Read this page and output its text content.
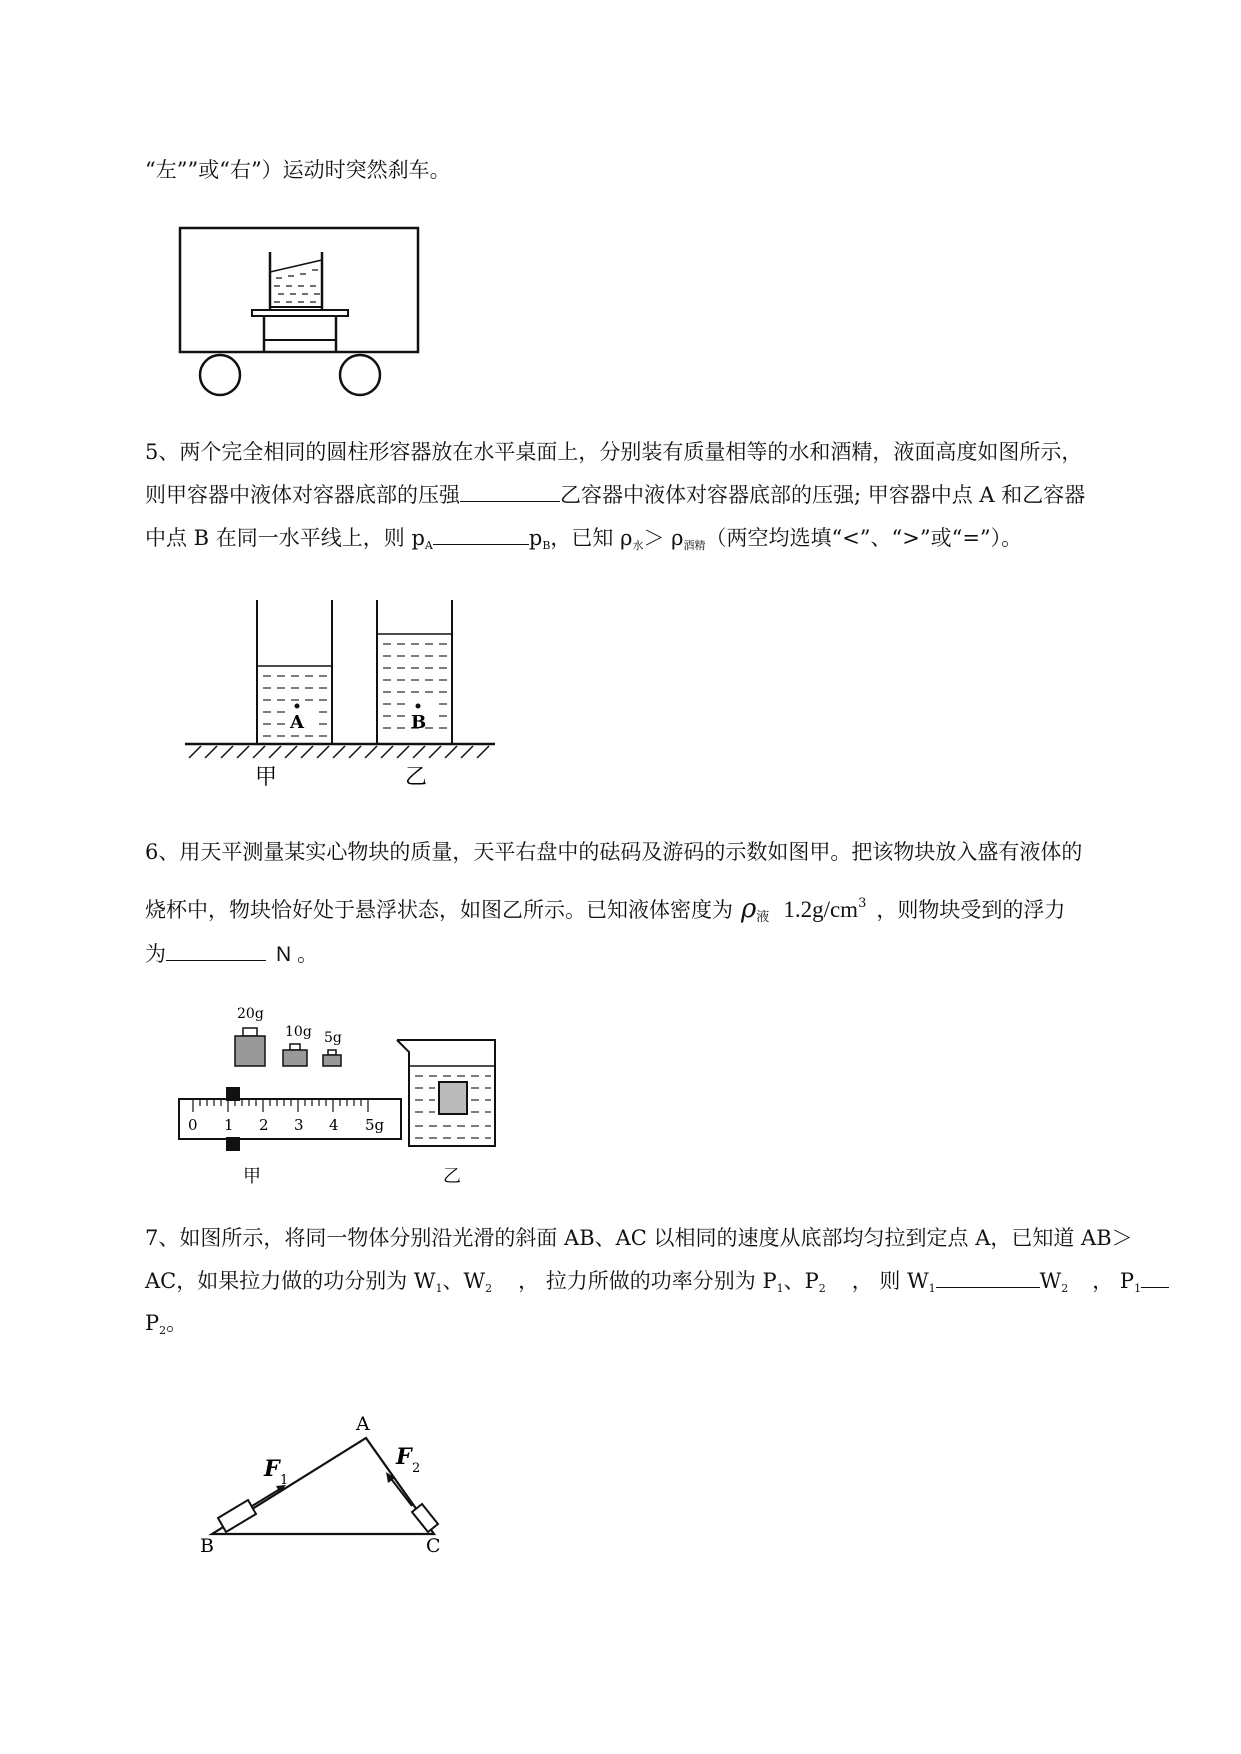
“左””或“右”）运动时突然刹车。
5、两个完全相同的圆柱形容器放在水平桌面上，分别装有质量相等的水和酒精，液面高度如图所示，
则甲容器中液体对容器底部的压强	乙容器中液体对容器底部的压强; 甲容器中点 A 和乙容器
中点 B 在同一水平线上，则 $p_A$	$p_B$，已知 $\rho_水> \rho_{酒精}$（两空均选填“<”、“>”或“=”）。
A	B
甲	乙
6、用天平测量某实心物块的质量，天平右盘中的砝码及游码的示数如图甲。把该物块放入盛有液体的
烧杯中，物块恰好处于悬浮状态，如图乙所示。已知液体密度为 $\rho_液$ $1.2g/cm^3$ ，则物块受到的浮力
为	N 。
20g
10g 5g
0 1 2 3 4 5g
甲	乙
7、如图所示，将同一物体分别沿光滑的斜面 AB、AC 以相同的速度从底部均匀拉到定点 A，已知道 AB＞
AC，如果拉力做的功分别为 $W_1$、$W_2$ ， 拉力所做的功率分别为 $P_1$、$P_2$ ， 则 $W_1$	$W_2$ ， $P_1$
$P_2$。
F 1
F 2
A
B	C
